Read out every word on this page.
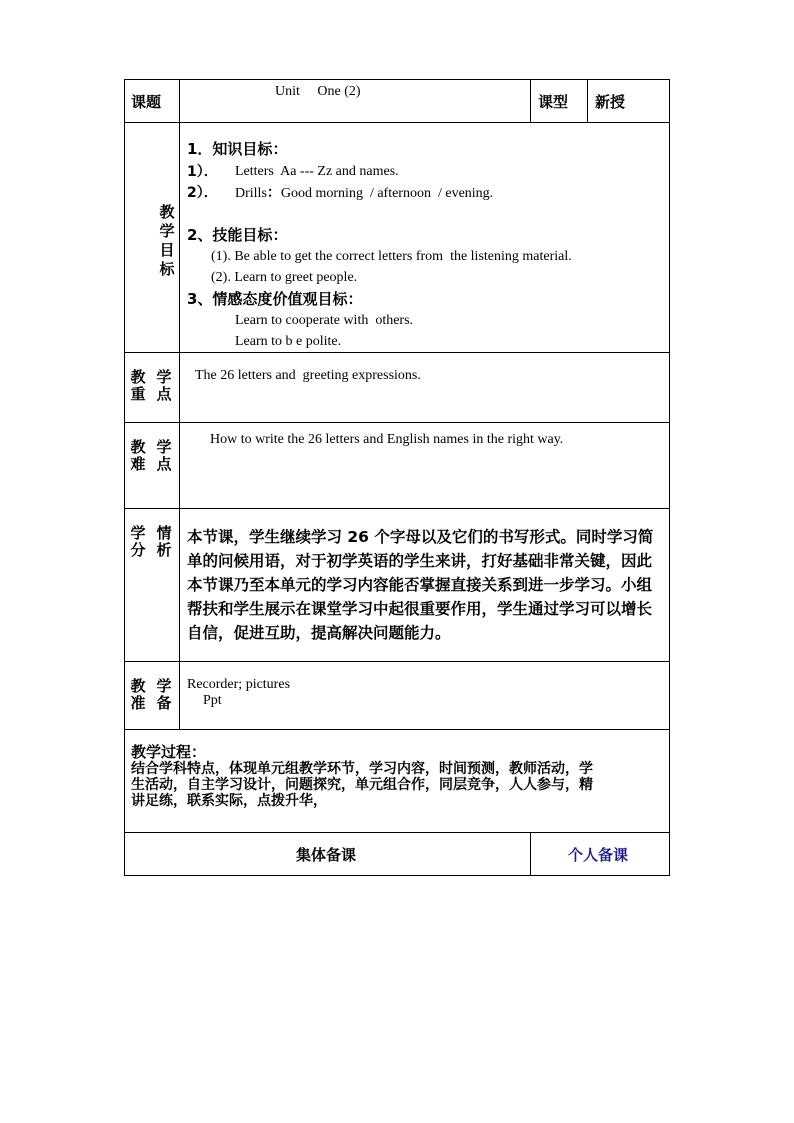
课题
Unit     One (2)
课型 新授
教
学
目
标
1．知识目标：
1）． Letters  Aa --- Zz and names.
2）． Drills：Good morning  / afternoon  / evening.
2、技能目标：
(1). Be able to get the correct letters from  the listening material.
(2). Learn to greet people.
3、情感态度价值观目标：
Learn to cooperate with  others.
Learn to b e polite.
教 学
重 点
The 26 letters and  greeting expressions.
教 学
难 点
How to write the 26 letters and English names in the right way.
学 情
分 析
本节课，学生继续学习 26 个字母以及它们的书写形式。同时学习简
单的问候用语，对于初学英语的学生来讲，打好基础非常关键，因此
本节课乃至本单元的学习内容能否掌握直接关系到进一步学习。小组
帮扶和学生展示在课堂学习中起很重要作用，学生通过学习可以增长
自信，促进互助，提高解决问题能力。
教 学
准 备
Recorder; pictures
Ppt
教学过程：
结合学科特点，体现单元组教学环节，学习内容，时间预测，教师活动，学
生活动，自主学习设计，问题探究，单元组合作，同层竞争，人人参与，精
讲足练，联系实际，点拨升华，
集体备课	个人备课
